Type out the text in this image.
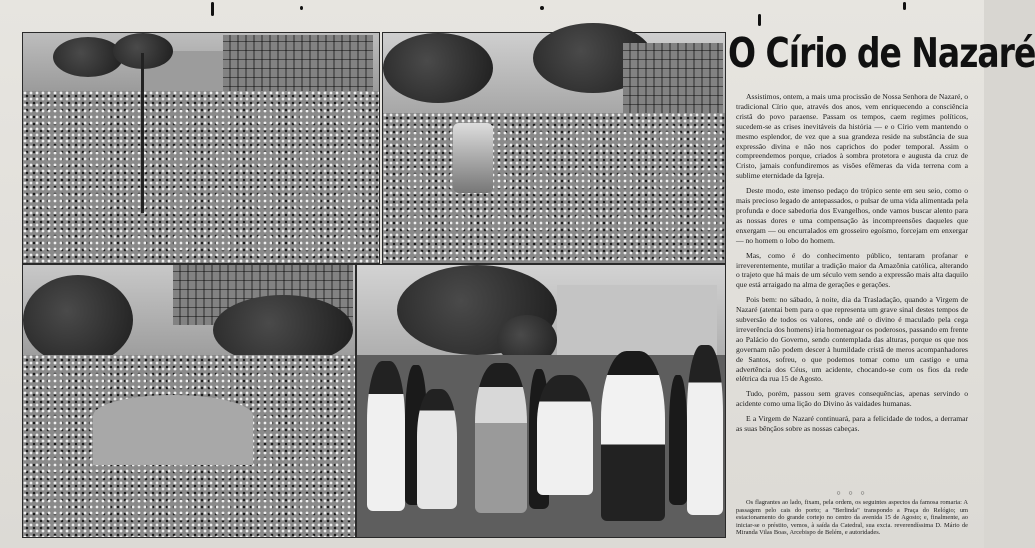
O Círio de Nazaré

Assistimos, ontem, a mais uma procissão de Nossa Senhora de Nazaré, o tradicional Círio que, através dos anos, vem enriquecendo a consciência cristã do povo paraense. Passam os tempos, caem regimes políticos, sucedem-se as crises inevitáveis da história — e o Círio vem mantendo o mesmo esplendor, de vez que a sua grandeza reside na substância de sua expressão divina e não nos caprichos do poder temporal. Assim o compreendemos porque, criados à sombra protetora e augusta da cruz de Cristo, jamais confundiremos as visões efêmeras da vida terrena com a sublime eternidade da Igreja.

Deste modo, este imenso pedaço do trópico sente em seu seio, como o mais precioso legado de antepassados, o pulsar de uma vida alimentada pela profunda e doce sabedoria dos Evangelhos, onde vamos buscar alento para as nossas dores e uma compensação às incompreensões daqueles que enxergam — ou encurralados em grosseiro egoísmo, forcejam em enxergar — no homem o lobo do homem.

Mas, como é do conhecimento público, tentaram profanar e irreverentemente, mutilar a tradição maior da Amazônia católica, alterando o trajeto que há mais de um século vem sendo a expressão mais alta daquilo que está arraigado na alma de gerações e gerações.

Pois bem: no sábado, à noite, dia da Trasladação, quando a Virgem de Nazaré (atentai bem para o que representa um grave sinal destes tempos de subversão de todos os valores, onde até o divino é maculado pela cega irreverência dos homens) iria homenagear os poderosos, passando em frente ao Palácio do Governo, sendo contemplada das alturas, porque os que nos governam não podem descer à humildade cristã de meros acompanhadores de Santos, sofreu, o que podemos tomar como um castigo e uma advertência dos Céus, um acidente, chocando-se com os fios da rede elétrica da rua 15 de Agosto.

Tudo, porém, passou sem graves consequências, apenas servindo o acidente como uma lição do Divino às vaidades humanas.

E a Virgem de Nazaré continuará, para a felicidade de todos, a derramar as suas bênçãos sobre as nossas cabeças.

○ ○ ○

Os flagrantes ao lado, fixam, pela ordem, os seguintes aspectos da famosa romaria: A passagem pelo cais do porto; a "Berlinda" transpondo a Praça do Relógio; um estacionamento do grande cortejo no centro da avenida 15 de Agosto; e, finalmente, ao iniciar-se o préstito, vemos, à saída da Catedral, sua excia. reverendíssima D. Mário de Miranda Vilas Boas, Arcebispo de Belém, e autoridades.
